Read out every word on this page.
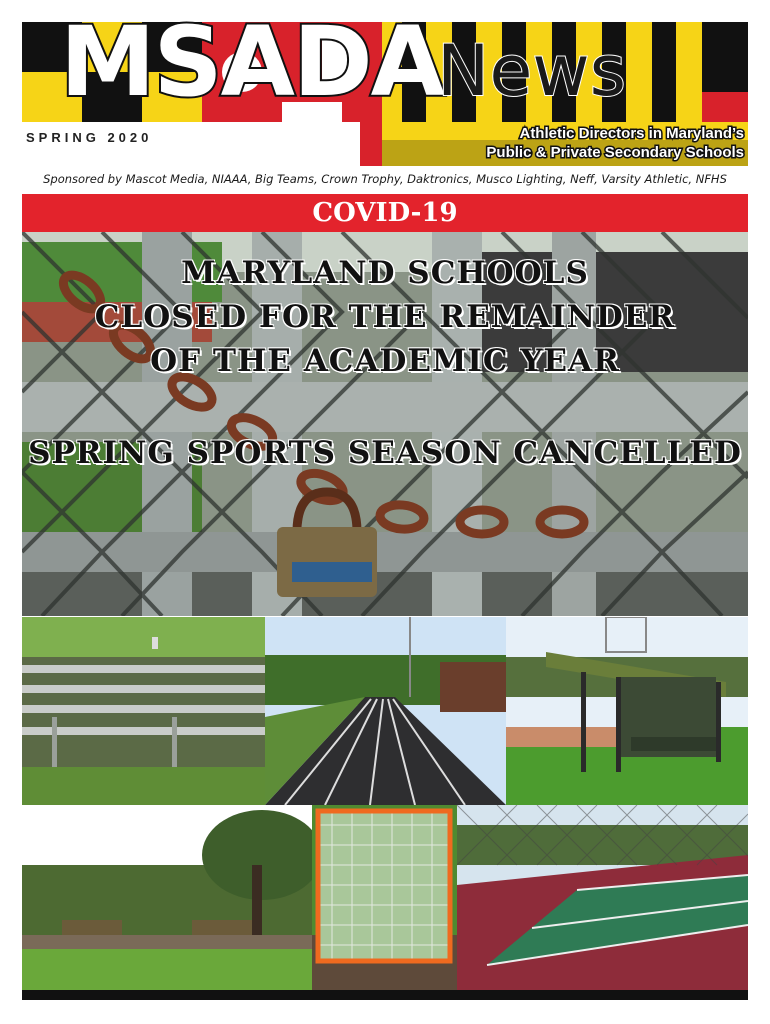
MSADANews
SPRING 2020	Athletic Directors in Maryland’s
Public & Private Secondary Schools
Sponsored by Mascot Media, NIAAA, Big Teams, Crown Trophy, Daktronics, Musco Lighting, Neff, Varsity Athletic, NFHS
COVID-19
MARYLAND SCHOOLS
CLOSED FOR THE REMAINDER
OF THE ACADEMIC YEAR
SPRING SPORTS SEASON CANCELLED
